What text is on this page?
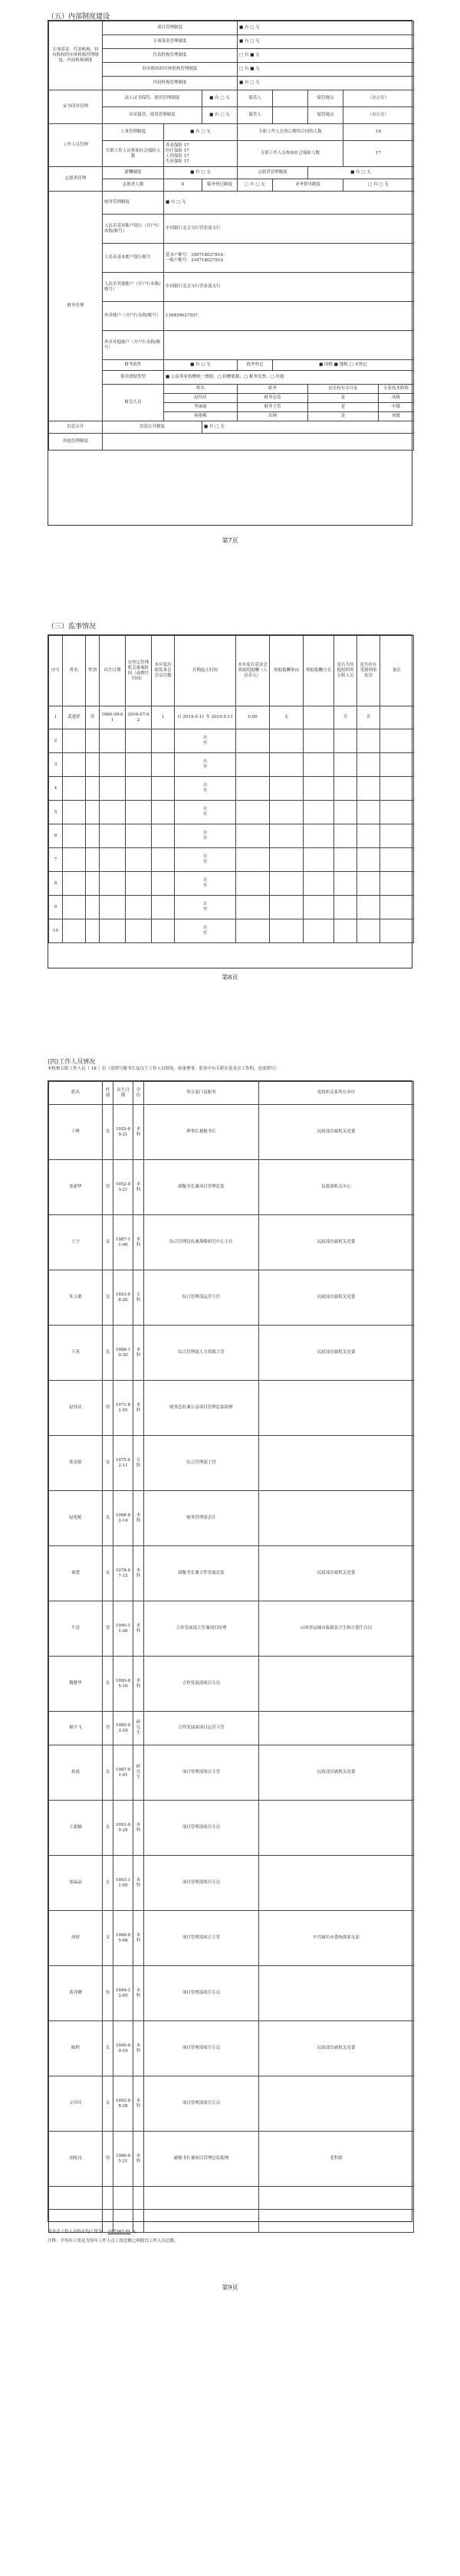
（五）内部制度建设
专项基金、代表机构、持有股权的实体机构管理制度、内设机构制度	项目管理制度			■ 有 □ 无				
	专项基金管理制度			■ 有 □ 无				
	代表机构管理制度			□ 有 ■ 无				
	持有股权的实体机构管理制度			□ 有 ■ 无				
	内设机构管理制度			■ 有 □ 无				
证书印章管理	法人证书保管、使用管理制度		■ 有 □ 无	保管人		保管地点	（办公室）	
	印章保管、使用管理制度		■ 有 □ 无	保管人		保管地点	（办公室）	
工作人员管理	人事管理制度	■ 有 □ 无		专职工作人员签订聘用合同的人数			18	
	专职工作人员参加社会保险人数	养老保险 17
医疗保险 17
工伤保险 17
失业保险 17		专职工作人员参加社会保险人数			17	
志愿者管理	薪酬制度	■ 有 □ 无		志愿者管理制度		■ 有 □ 无		
	志愿者人数	0	服务登记制度	□ 有 □ 无	业务督导制度		□ 有 □ 无	
财务管理	财务管理制度	■ 有 □ 无						
	人民币基本账户银行（开户行名称/账号）	中国银行北京分行营业部支行						
	人民币基本账户银行账号	基本户账号：320718027816；
一般户账号：316718027816						
	人民币其他账户（开户行名称/账号）	中国银行北京分行营业部支行						
	外币账户（开户行名称/账号）	116459027937						
	外币其他账户（开户行名称/账号）							
	财务软件	■ 有 □ 无		税务登记	■ 国税 ■ 地税 □ 未登记			
	使用票据类型	■ 公益事业捐赠统一票据；□ 捐赠收据；□ 税务发票；□ 其他						
	财会人员	姓名		职务		是否持有会计证		专业技术职称
		赵伟庆		财务总监		是		高级
		李丽丽		财务主管		是		中级
		杨艳梅		出纳		是		初级
信息公开	信息公开制度		■ 有 □ 无					
其他管理制度								
第7页
（三）监事情况
序号	姓名	性别	出生日期	在登记管理机关备案时间（或聘任时间）	本年度出席监事会会议次数	任期起止时间	本年度在基金会领取的报酬（人民币元）	领取报酬事由	领取报酬方式	是否为其他组织的专职人员	是否存在受到刑事处罚	备注
1	武建祥	男	1960-09-01	2016-07-02	1	自 2014-5-11 至 2019-5-11	0.00	无		否	否	
2						自
至						

3						自
至						

4						自
至						

5						自
至						

6						自
至						

7						自
至						

8						自
至						

9						自
至						

10						自
至						

第8页
(四)工作人员情况
本机构专职工作人员（ 18 ）位（请填写秘书长及以下工作人员情况，如果理事、监事中有专职在基金会工作的，也需填写）
姓名	性别	出生日期	学历	所在部门及职务	党组织关系所在单位
王峥	女	1955-09-21	本科	理事长兼秘书长	民政部直属机关党委
张新华	男	1952-03-21	本科	副秘书长兼项目管理总监	民政部机关中心
王宁	女	1987-11-06	本科	综合管理总监兼战略研究中心主任	民政部直属机关党委
朱玉敏	女	1993-08-20	专科	综合管理部运营主任	民政部直属机关党委
王英	女	1988-10-30	本科	综合管理部人力资源主管	民政部直属机关党委
赵伟庆	男	1971-01-05	本科	财务总监兼公益项目管理总监助理	
郑金银	女	1975-02-11	专科	综合管理部主管	
赵艳艳	女	1988-02-14	本科	财务管理部会计	
秦慧	女	1978-07-15	本科	副秘书长兼合作发展总监	民政部直属机关党委
牛涛	男	1990-11-26	本科	合作发展部主管兼项目经理	山西省运城市临猗县卫生和计划生育局
魏楚华	女	1990-05-16	本科	合作发展部项目专员	
鹤宇飞	男	1989-03-24	研究生	合作发展部项目运营主管	
孙霞	女	1987-01-01	研究生	项目管理部项目主管	民政部直属机关党委
王超楠	女	1993-09-28	本科	项目管理部项目专员	
窦晶晶	女	1993-11-05	本科	项目管理部项目专员	
唐婷	女	1988-05-08	本科	项目管理部项目主管	中共廊坊市委统战部支部
黄祥耀	男	1994-12-05	本科	项目管理部项目专员	
陈程	女	1990-09-19	本科	项目管理部项目专员	民政部直属机关党委
文玲玲	女	1992-08-26	本科	项目管理部项目专员	
刘炫良	男	1986-05-21	本科	副秘书长兼项目管理总监助理	老科联

基金会工作人员的平均工资为： 107347.01 元
注释：平均年工资是为每年工作人员工资总额之和除以工作人员总数。
第9页
